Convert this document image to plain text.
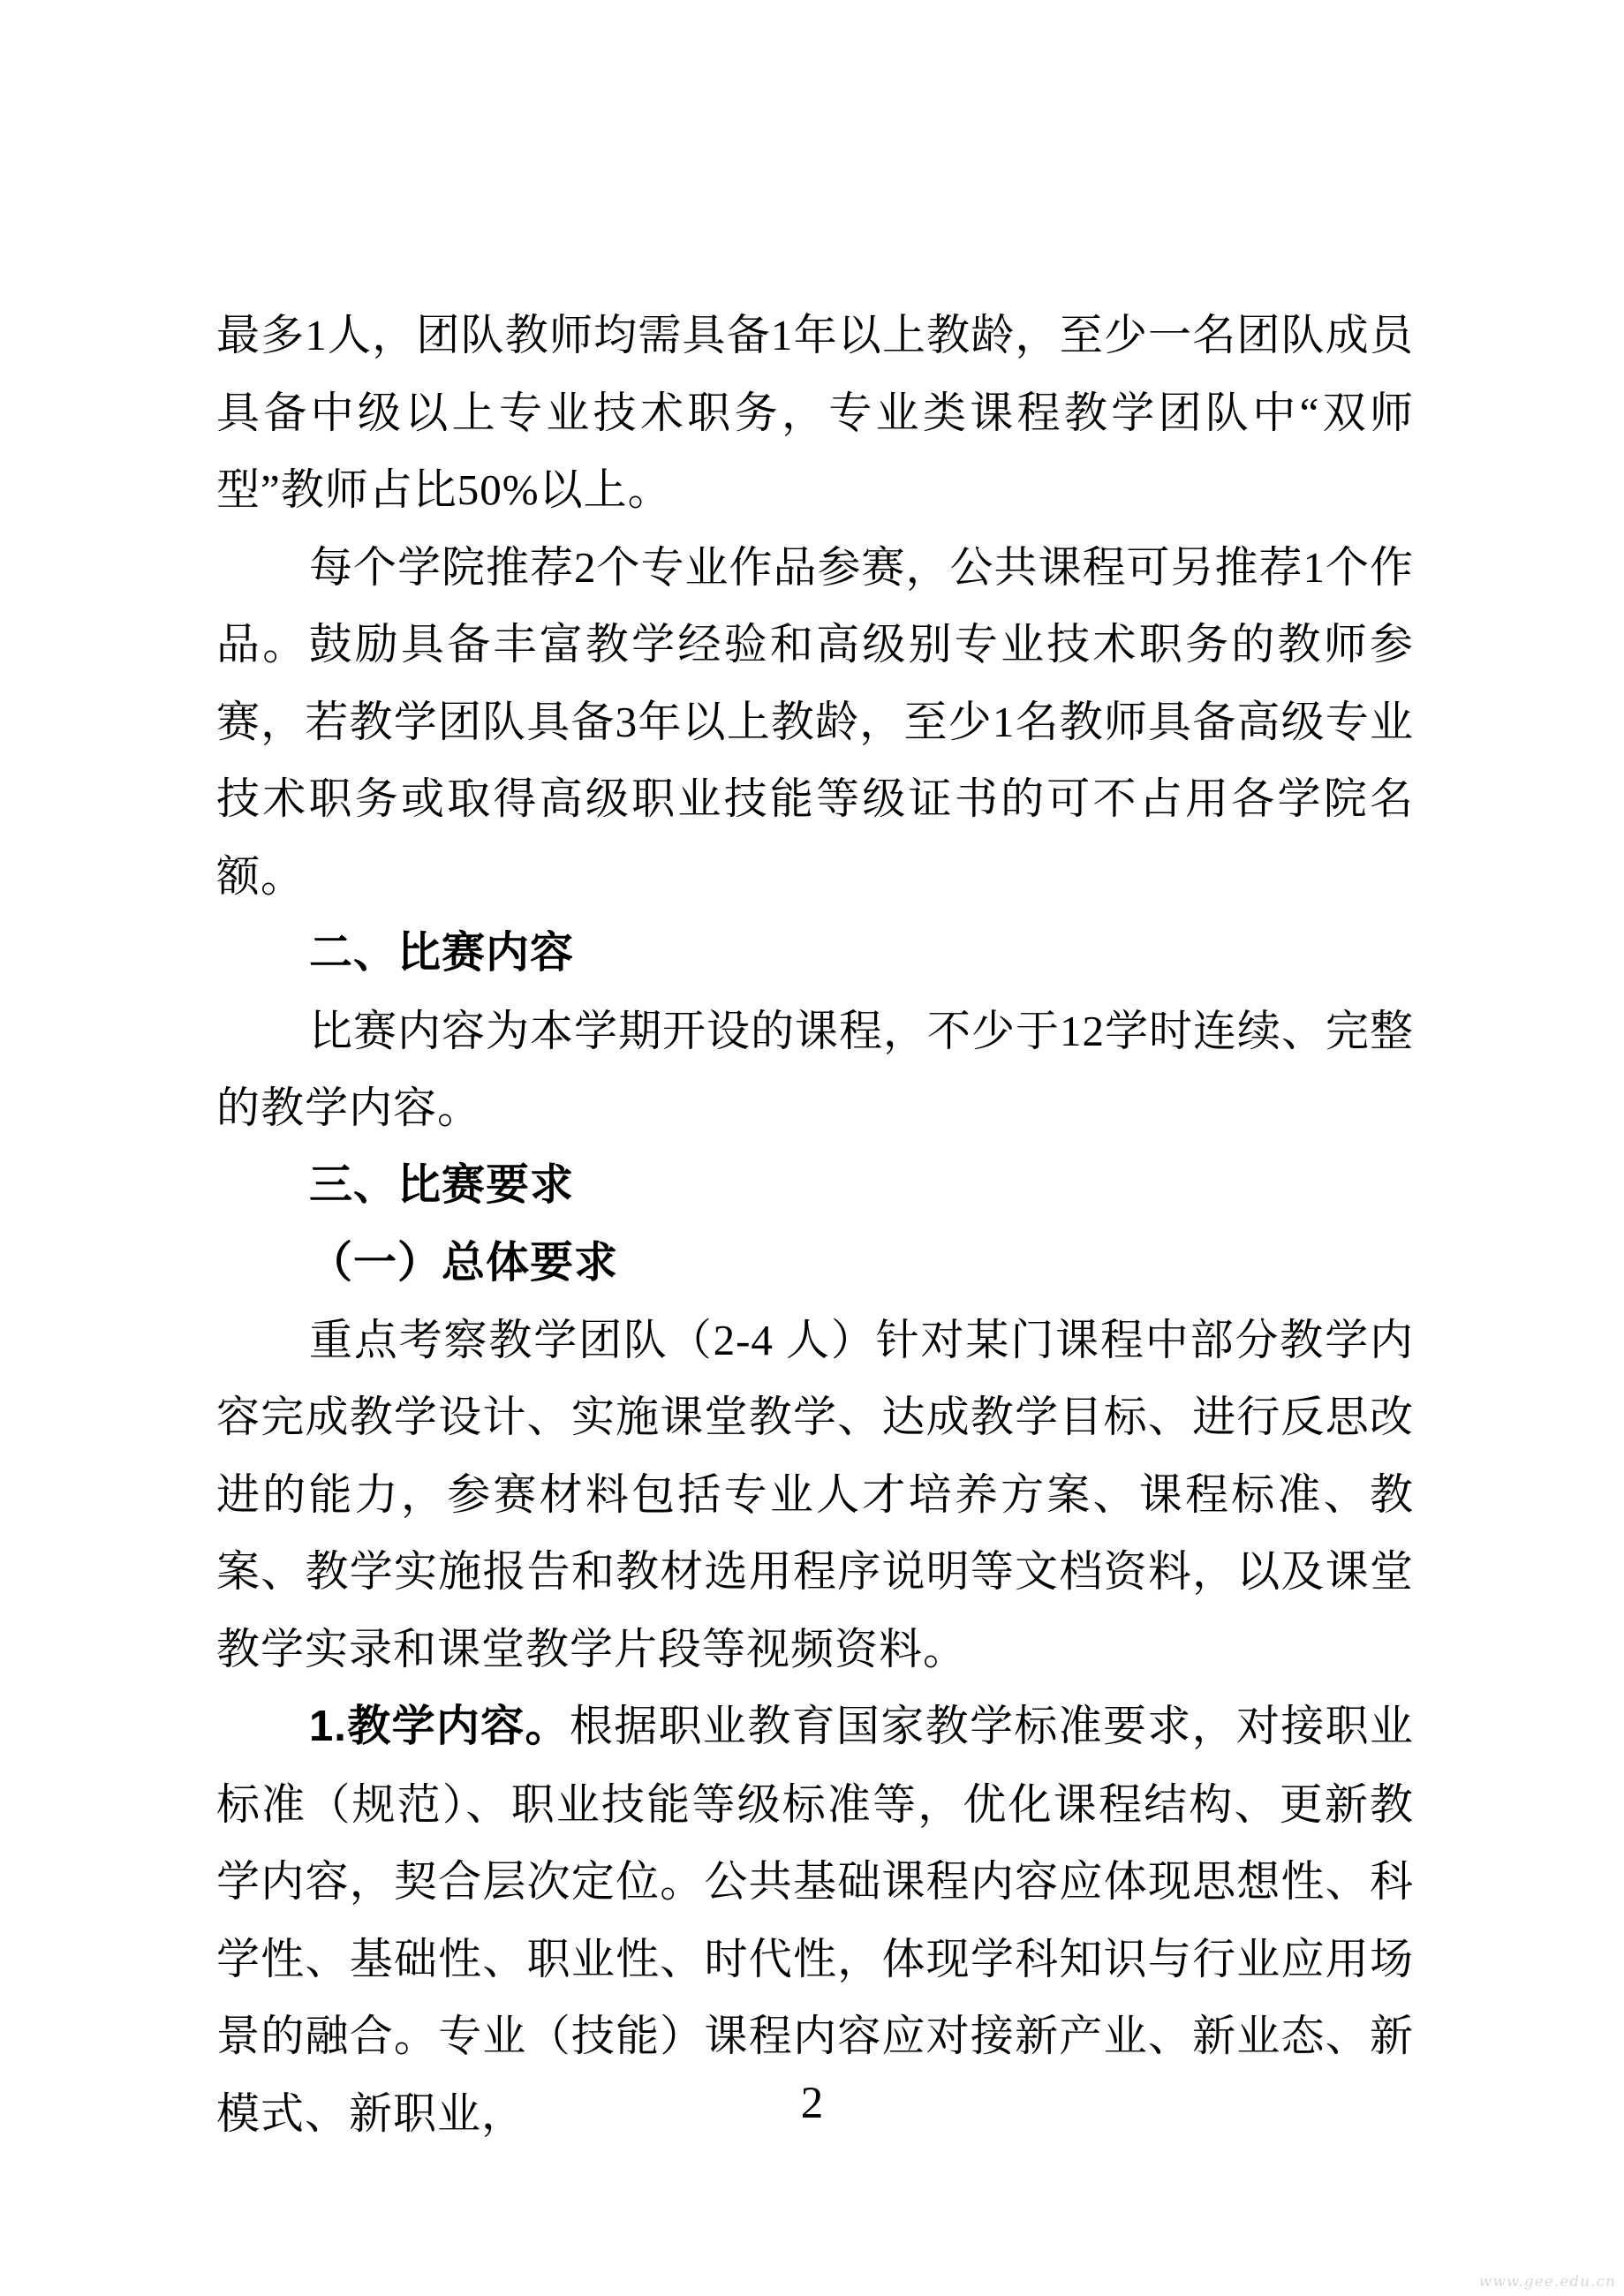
最多1人，团队教师均需具备1年以上教龄，至少一名团队成员具备中级以上专业技术职务，专业类课程教学团队中“双师型”教师占比50%以上。

每个学院推荐2个专业作品参赛，公共课程可另推荐1个作品。鼓励具备丰富教学经验和高级别专业技术职务的教师参赛，若教学团队具备3年以上教龄，至少1名教师具备高级专业技术职务或取得高级职业技能等级证书的可不占用各学院名额。

二、比赛内容

比赛内容为本学期开设的课程，不少于12学时连续、完整的教学内容。

三、比赛要求

（一）总体要求

重点考察教学团队（2-4 人）针对某门课程中部分教学内容完成教学设计、实施课堂教学、达成教学目标、进行反思改进的能力，参赛材料包括专业人才培养方案、课程标准、教案、教学实施报告和教材选用程序说明等文档资料，以及课堂教学实录和课堂教学片段等视频资料。

1.教学内容。根据职业教育国家教学标准要求，对接职业标准（规范）、职业技能等级标准等，优化课程结构、更新教学内容，契合层次定位。公共基础课程内容应体现思想性、科学性、基础性、职业性、时代性，体现学科知识与行业应用场景的融合。专业（技能）课程内容应对接新产业、新业态、新模式、新职业，	2
www.gee.edu.cn
